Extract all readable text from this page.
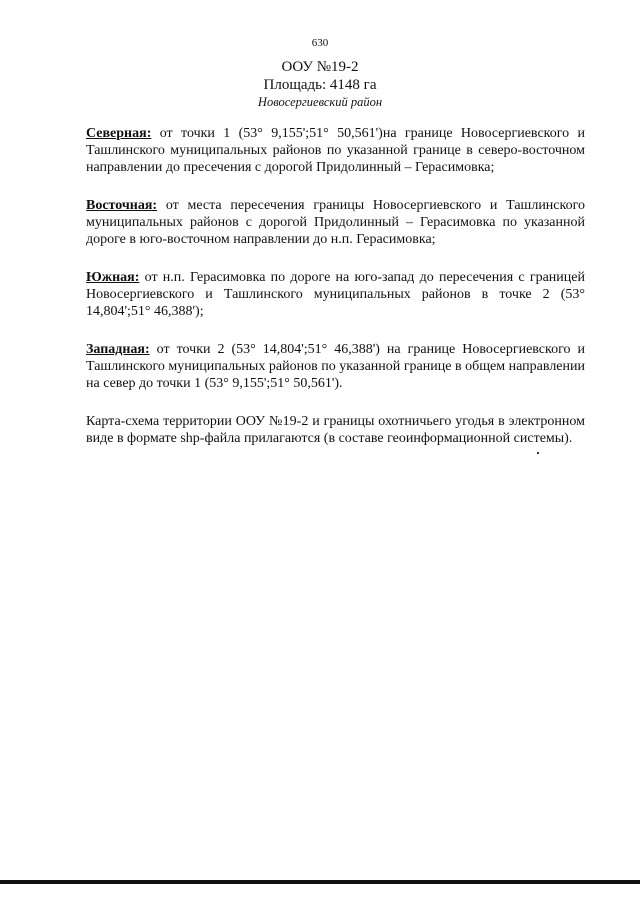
630
ООУ №19-2
Площадь: 4148 га
Новосергиевский район

Северная: от точки 1 (53° 9,155';51° 50,561')на границе Новосергиевского и Ташлинского муниципальных районов по указанной границе в северо-восточном направлении до пресечения с дорогой Придолинный – Герасимовка;

Восточная: от места пересечения границы Новосергиевского и Ташлинского муниципальных районов с дорогой Придолинный – Герасимовка по указанной дороге в юго-восточном направлении до н.п. Герасимовка;

Южная: от н.п. Герасимовка по дороге на юго-запад до пересечения с границей Новосергиевского и Ташлинского муниципальных районов в точке 2 (53° 14,804';51° 46,388');

Западная: от точки 2 (53° 14,804';51° 46,388') на границе Новосергиевского и Ташлинского муниципальных районов по указанной границе в общем направлении на север до точки 1 (53° 9,155';51° 50,561').

Карта-схема территории ООУ №19-2 и границы охотничьего угодья в электронном виде в формате shp-файла прилагаются (в составе геоинформационной системы).
